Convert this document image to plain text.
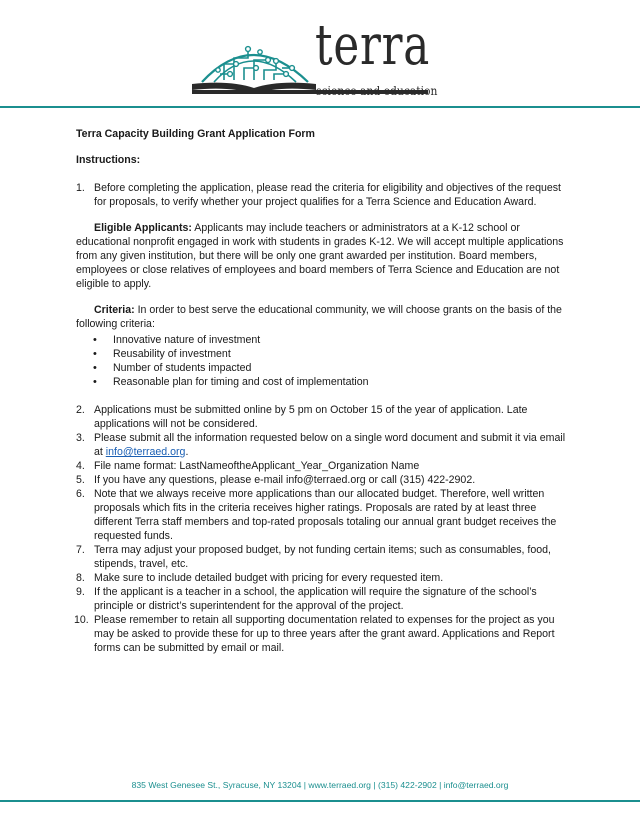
terra
science and education
Terra Capacity Building Grant Application Form
Instructions:
1. Before completing the application, please read the criteria for eligibility and objectives of the request for proposals, to verify whether your project qualifies for a Terra Science and Education Award.
Eligible Applicants: Applicants may include teachers or administrators at a K-12 school or educational nonprofit engaged in work with students in grades K-12. We will accept multiple applications from any given institution, but there will be only one grant awarded per institution. Board members, employees or close relatives of employees and board members of Terra Science and Education are not eligible to apply.
Criteria: In order to best serve the educational community, we will choose grants on the basis of the following criteria:
• Innovative nature of investment
• Reusability of investment
• Number of students impacted
• Reasonable plan for timing and cost of implementation
2. Applications must be submitted online by 5 pm on October 15 of the year of application. Late applications will not be considered.
3. Please submit all the information requested below on a single word document and submit it via email at info@terraed.org.
4. File name format: LastNameoftheApplicant_Year_Organization Name
5. If you have any questions, please e-mail info@terraed.org or call (315) 422-2902.
6. Note that we always receive more applications than our allocated budget. Therefore, well written proposals which fits in the criteria receives higher ratings. Proposals are rated by at least three different Terra staff members and top-rated proposals totaling our annual grant budget receives the requested funds.
7. Terra may adjust your proposed budget, by not funding certain items; such as consumables, food, stipends, travel, etc.
8. Make sure to include detailed budget with pricing for every requested item.
9. If the applicant is a teacher in a school, the application will require the signature of the school’s principle or district’s superintendent for the approval of the project.
10. Please remember to retain all supporting documentation related to expenses for the project as you may be asked to provide these for up to three years after the grant award. Applications and Report forms can be submitted by email or mail.
835 West Genesee St., Syracuse, NY 13204 | www.terraed.org | (315) 422-2902 | info@terraed.org
